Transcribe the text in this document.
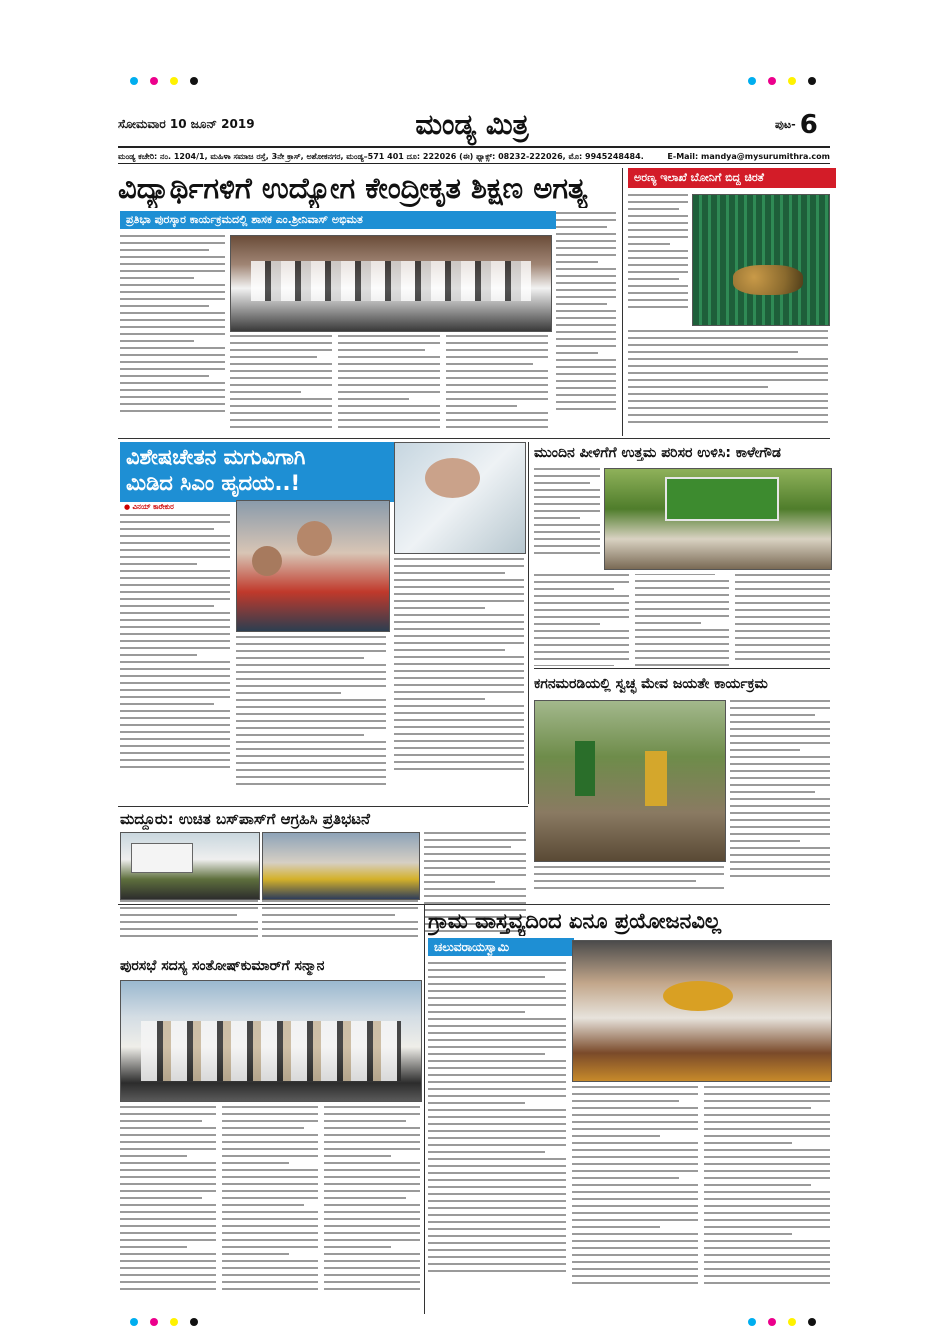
ಸೋಮವಾರ 10 ಜೂನ್ 2019	ಮಂಡ್ಯ ಮಿತ್ರ	ಪುಟ- 6
ಮಂಡ್ಯ ಕಚೇರಿ: ನಂ. 1204/1, ಮಹಿಳಾ ಸಮಾಜ ರಸ್ತೆ, 3ನೇ ಕ್ರಾಸ್, ಅಶೋಕನಗರ, ಮಂಡ್ಯ–571 401 ದೂ: 222026 (ಈ) ಫ್ಯಾಕ್ಸ್: 08232-222026, ಮೊ: 9945248484.	E-Mail: mandya@mysurumithra.com
ವಿದ್ಯಾರ್ಥಿಗಳಿಗೆ ಉದ್ಯೋಗ ಕೇಂದ್ರೀಕೃತ ಶಿಕ್ಷಣ ಅಗತ್ಯ
ಪ್ರತಿಭಾ ಪುರಸ್ಕಾರ ಕಾರ್ಯಕ್ರಮದಲ್ಲಿ ಶಾಸಕ ಎಂ.ಶ್ರೀನಿವಾಸ್ ಅಭಿಮತ
ಅರಣ್ಯ ಇಲಾಖೆ ಬೋನಿಗೆ ಬಿದ್ದ ಚಿರತೆ
ವಿಶೇಷಚೇತನ ಮಗುವಿಗಾಗಿ
ಮಿಡಿದ ಸಿಎಂ ಹೃದಯ..!
● ವಿನಯ್ ಕಾರೇಕುರ
ಮುಂದಿನ ಪೀಳಿಗೆಗೆ ಉತ್ತಮ ಪರಿಸರ ಉಳಿಸಿ: ಕಾಳೇಗೌಡ
ಕಗನಮರಡಿಯಲ್ಲಿ ಸ್ವಚ್ಛ ಮೇವ ಜಯತೇ ಕಾರ್ಯಕ್ರಮ
ಮದ್ದೂರು: ಉಚಿತ ಬಸ್‌ಪಾಸ್‌ಗೆ ಆಗ್ರಹಿಸಿ ಪ್ರತಿಭಟನೆ
ಗ್ರಾಮ ವಾಸ್ತವ್ಯದಿಂದ ಏನೂ ಪ್ರಯೋಜನವಿಲ್ಲ
ಚಲುವರಾಯಸ್ವಾಮಿ
ಪುರಸಭೆ ಸದಸ್ಯ ಸಂತೋಷ್‌ಕುಮಾರ್‌ಗೆ ಸನ್ಮಾನ
